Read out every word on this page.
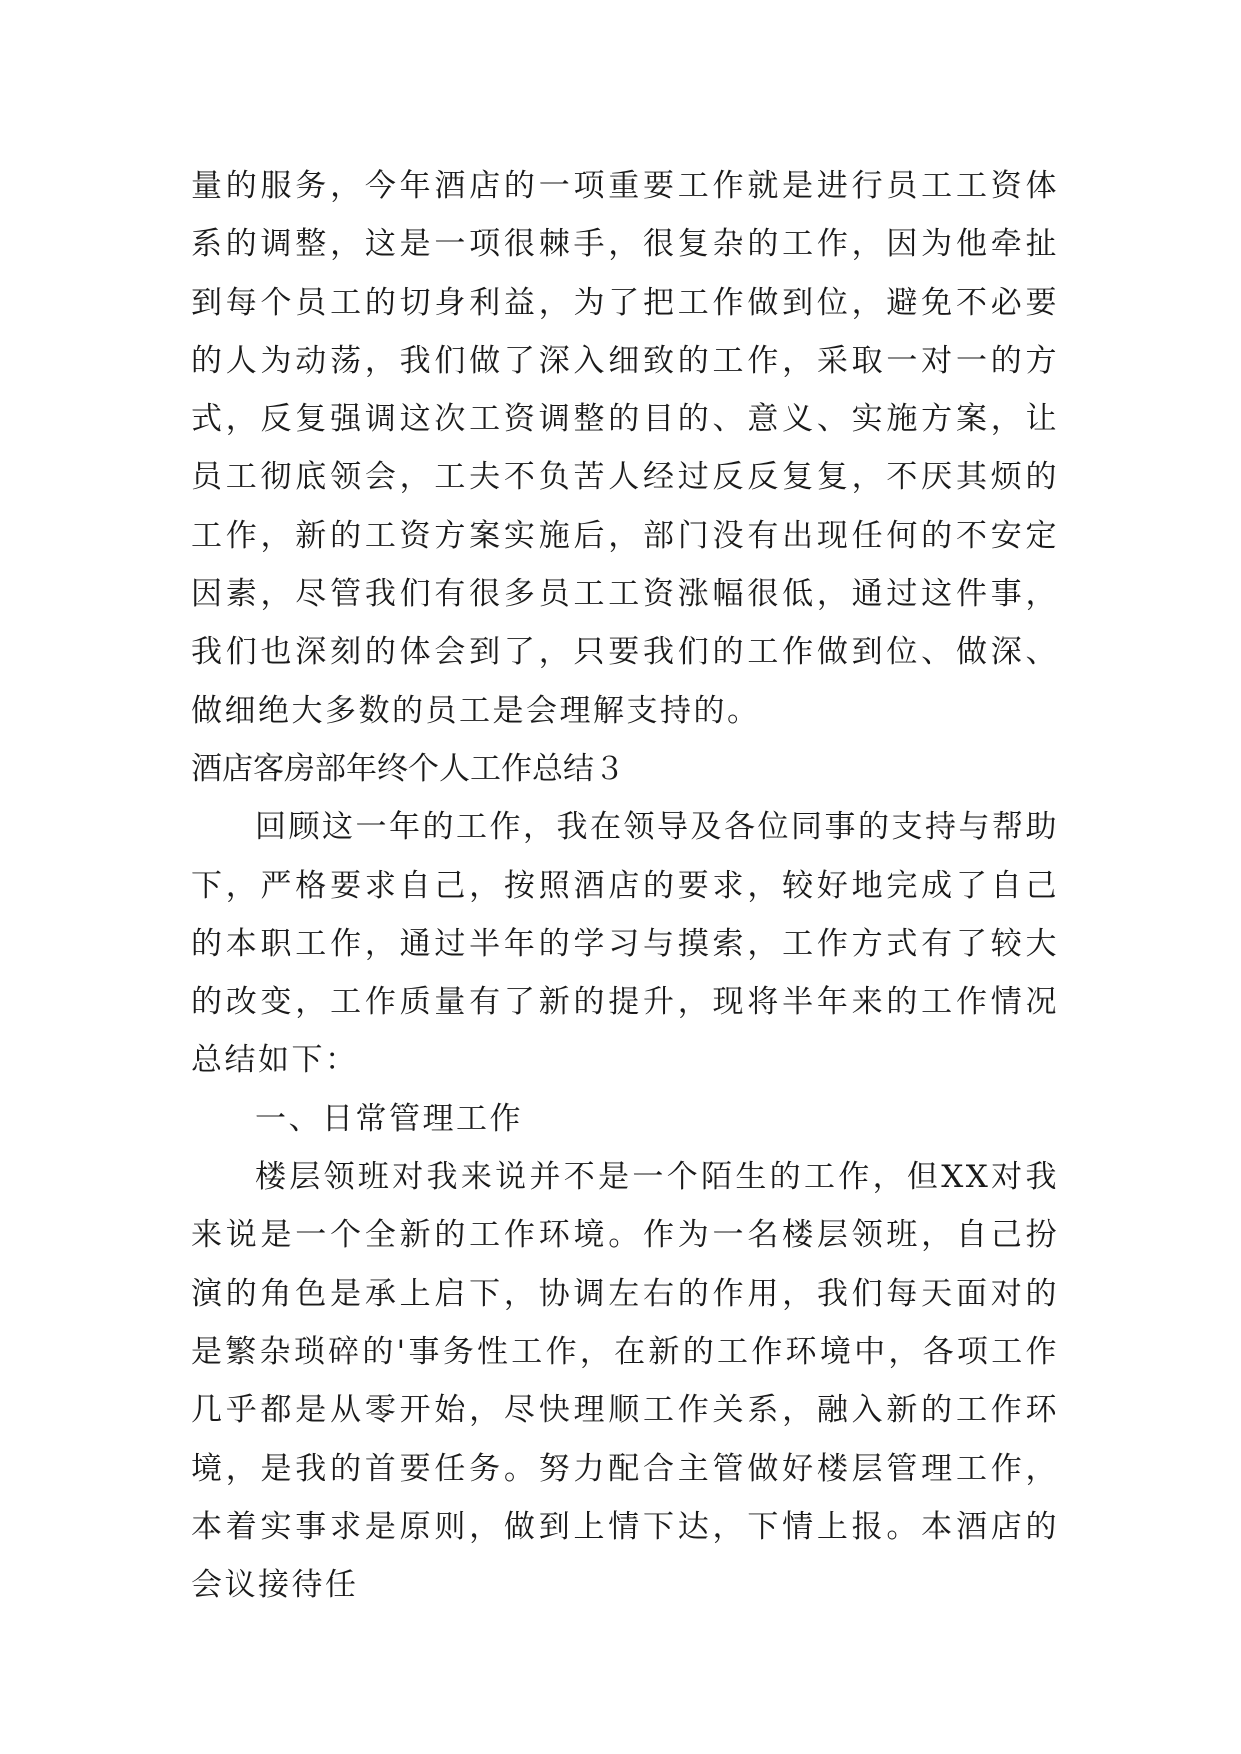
量的服务，今年酒店的一项重要工作就是进行员工工资体系的调整，这是一项很棘手，很复杂的工作，因为他牵扯到每个员工的切身利益，为了把工作做到位，避免不必要的人为动荡，我们做了深入细致的工作，采取一对一的方式，反复强调这次工资调整的目的、意义、实施方案，让员工彻底领会，工夫不负苦人经过反反复复，不厌其烦的工作，新的工资方案实施后，部门没有出现任何的不安定因素，尽管我们有很多员工工资涨幅很低，通过这件事，我们也深刻的体会到了，只要我们的工作做到位、做深、做细绝大多数的员工是会理解支持的。

酒店客房部年终个人工作总结３

回顾这一年的工作，我在领导及各位同事的支持与帮助下，严格要求自己，按照酒店的要求，较好地完成了自己的本职工作，通过半年的学习与摸索，工作方式有了较大的改变，工作质量有了新的提升，现将半年来的工作情况总结如下：

一、日常管理工作

楼层领班对我来说并不是一个陌生的工作，但XX对我来说是一个全新的工作环境。作为一名楼层领班，自己扮演的角色是承上启下，协调左右的作用，我们每天面对的是繁杂琐碎的'事务性工作，在新的工作环境中，各项工作几乎都是从零开始，尽快理顺工作关系，融入新的工作环境，是我的首要任务。努力配合主管做好楼层管理工作，本着实事求是原则，做到上情下达，下情上报。本酒店的会议接待任
